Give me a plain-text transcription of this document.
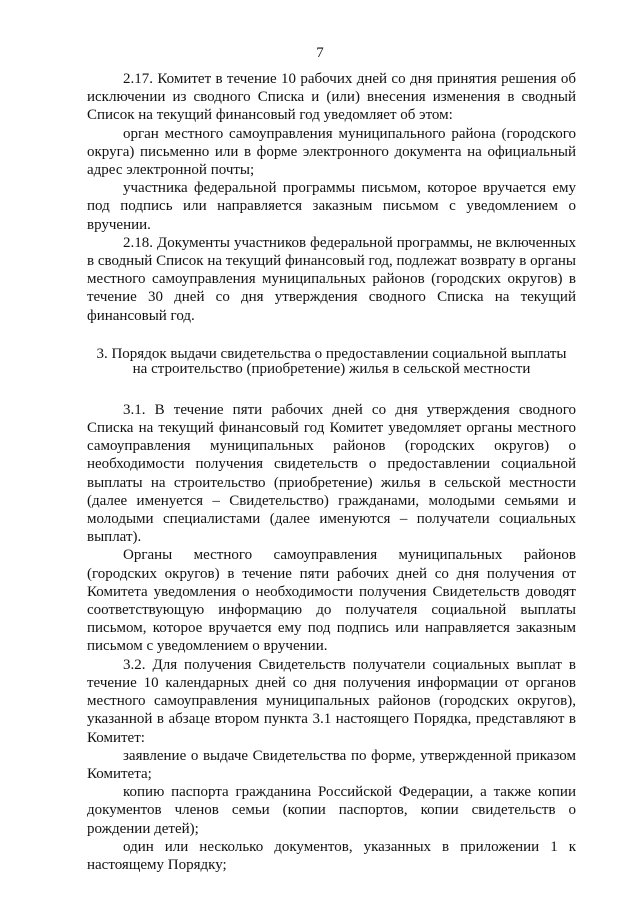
7

2.17. Комитет в течение 10 рабочих дней со дня принятия решения об исключении из сводного Списка и (или) внесения изменения в сводный Список на текущий финансовый год уведомляет об этом:

орган местного самоуправления муниципального района (городского округа) письменно или в форме электронного документа на официальный адрес электронной почты;

участника федеральной программы письмом, которое вручается ему под подпись или направляется заказным письмом с уведомлением о вручении.

2.18. Документы участников федеральной программы, не включенных в сводный Список на текущий финансовый год, подлежат возврату в органы местного самоуправления муниципальных районов (городских округов) в течение 30 дней со дня утверждения сводного Списка на текущий финансовый год.

3. Порядок выдачи свидетельства о предоставлении социальной выплаты
на строительство (приобретение) жилья в сельской местности

3.1. В течение пяти рабочих дней со дня утверждения сводного Списка на текущий финансовый год Комитет уведомляет органы местного самоуправления муниципальных районов (городских округов) о необходимости получения свидетельств о предоставлении социальной выплаты на строительство (приобретение) жилья в сельской местности (далее именуется – Свидетельство) гражданами, молодыми семьями и молодыми специалистами (далее именуются – получатели социальных выплат).

Органы местного самоуправления муниципальных районов (городских округов) в течение пяти рабочих дней со дня получения от Комитета уведомления о необходимости получения Свидетельств доводят соответствующую информацию до получателя социальной выплаты письмом, которое вручается ему под подпись или направляется заказным письмом с уведомлением о вручении.

3.2. Для получения Свидетельств получатели социальных выплат в течение 10 календарных дней со дня получения информации от органов местного самоуправления муниципальных районов (городских округов), указанной в абзаце втором пункта 3.1 настоящего Порядка, представляют в Комитет:

заявление о выдаче Свидетельства по форме, утвержденной приказом Комитета;

копию паспорта гражданина Российской Федерации, а также копии документов членов семьи (копии паспортов, копии свидетельств о рождении детей);

один или несколько документов, указанных в приложении 1 к настоящему Порядку;
